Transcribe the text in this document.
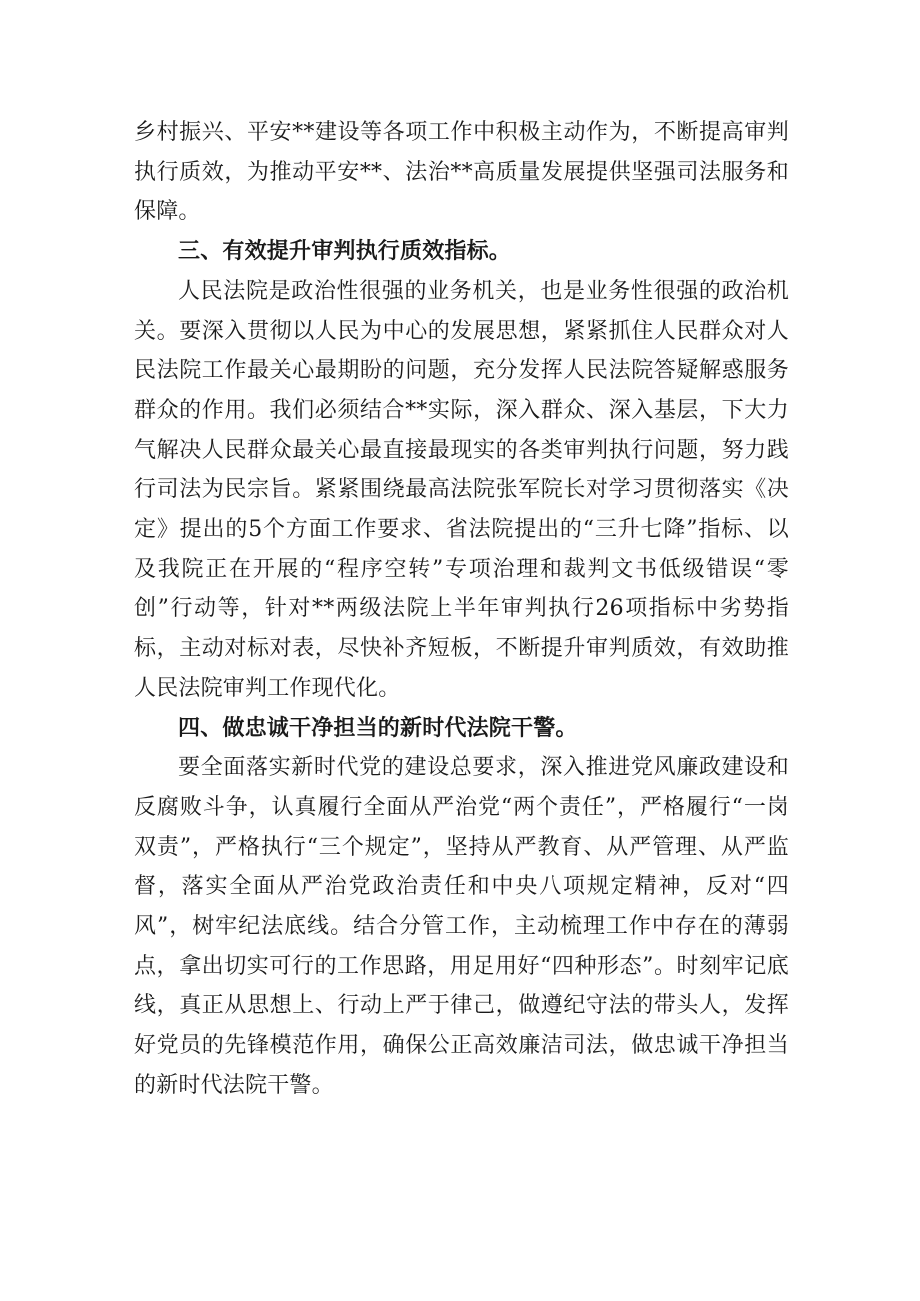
乡村振兴、平安**建设等各项工作中积极主动作为，不断提高审判执行质效，为推动平安**、法治**高质量发展提供坚强司法服务和保障。

三、有效提升审判执行质效指标。

人民法院是政治性很强的业务机关，也是业务性很强的政治机关。要深入贯彻以人民为中心的发展思想，紧紧抓住人民群众对人民法院工作最关心最期盼的问题，充分发挥人民法院答疑解惑服务群众的作用。我们必须结合**实际，深入群众、深入基层，下大力气解决人民群众最关心最直接最现实的各类审判执行问题，努力践行司法为民宗旨。紧紧围绕最高法院张军院长对学习贯彻落实《决定》提出的5个方面工作要求、省法院提出的“三升七降”指标、以及我院正在开展的“程序空转”专项治理和裁判文书低级错误“零创”行动等，针对**两级法院上半年审判执行26项指标中劣势指标，主动对标对表，尽快补齐短板，不断提升审判质效，有效助推人民法院审判工作现代化。

四、做忠诚干净担当的新时代法院干警。

要全面落实新时代党的建设总要求，深入推进党风廉政建设和反腐败斗争，认真履行全面从严治党“两个责任”，严格履行“一岗双责”，严格执行“三个规定”，坚持从严教育、从严管理、从严监督，落实全面从严治党政治责任和中央八项规定精神，反对“四风”，树牢纪法底线。结合分管工作，主动梳理工作中存在的薄弱点，拿出切实可行的工作思路，用足用好“四种形态”。时刻牢记底线，真正从思想上、行动上严于律己，做遵纪守法的带头人，发挥好党员的先锋模范作用，确保公正高效廉洁司法，做忠诚干净担当的新时代法院干警。
